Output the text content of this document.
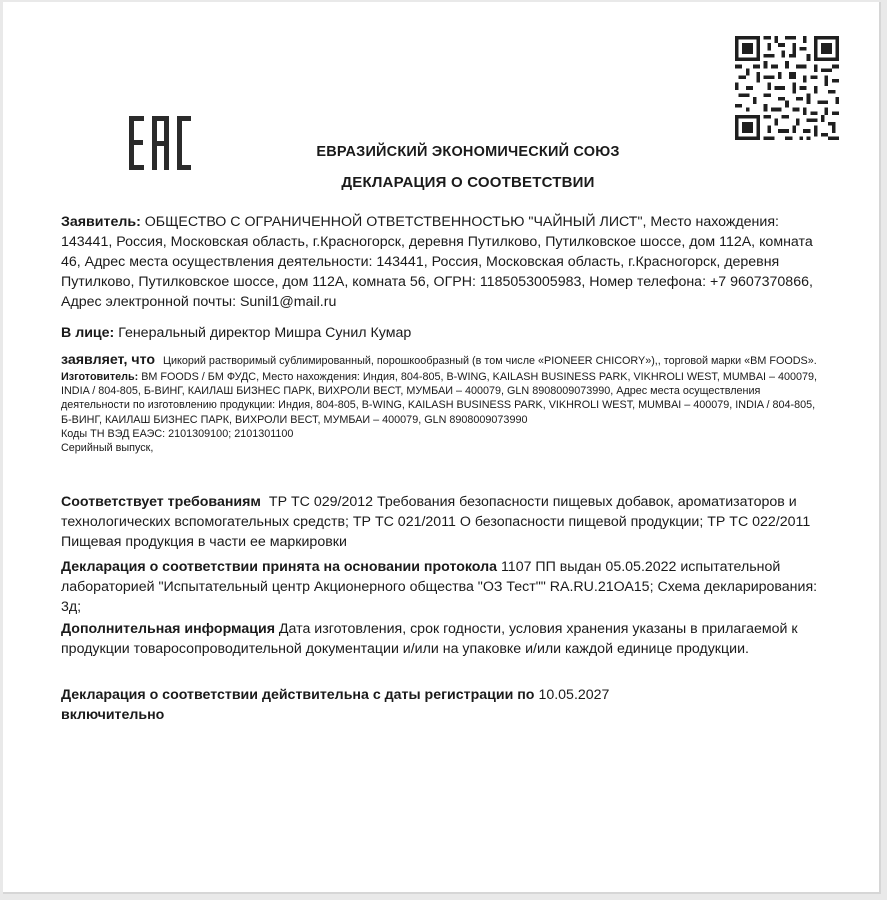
ЕВРАЗИЙСКИЙ ЭКОНОМИЧЕСКИЙ СОЮЗ
ДЕКЛАРАЦИЯ О СООТВЕТСТВИИ
Заявитель: ОБЩЕСТВО С ОГРАНИЧЕННОЙ ОТВЕТСТВЕННОСТЬЮ "ЧАЙНЫЙ ЛИСТ", Место нахождения: 143441, Россия, Московская область, г.Красногорск, деревня Путилково, Путилковское шоссе, дом 112А, комната 46, Адрес места осуществления деятельности: 143441, Россия, Московская область, г.Красногорск, деревня Путилково, Путилковское шоссе, дом 112А, комната 56, ОГРН: 1185053005983, Номер телефона: +7 9607370866, Адрес электронной почты: Sunil1@mail.ru
В лице: Генеральный директор Мишра Сунил Кумар
заявляет, что Цикорий растворимый сублимированный, порошкообразный (в том числе «PIONEER CHICORY»),, торговой марки «BM FOODS».
Изготовитель: BM FOODS / БМ ФУДС, Место нахождения: Индия, 804-805, B-WING, KAILASH BUSINESS PARK, VIKHROLI WEST, MUMBAI – 400079, INDIA / 804-805, Б-ВИНГ, КАИЛАШ БИЗНЕС ПАРК, ВИХРОЛИ ВЕСТ, МУМБАИ – 400079, GLN 8908009073990, Адрес места осуществления деятельности по изготовлению продукции: Индия, 804-805, B-WING, KAILASH BUSINESS PARK, VIKHROLI WEST, MUMBAI – 400079, INDIA / 804-805, Б-ВИНГ, КАИЛАШ БИЗНЕС ПАРК, ВИХРОЛИ ВЕСТ, МУМБАИ – 400079, GLN 8908009073990
Коды ТН ВЭД ЕАЭС: 2101309100; 2101301100
Серийный выпуск,
Соответствует требованиям ТР ТС 029/2012 Требования безопасности пищевых добавок, ароматизаторов и технологических вспомогательных средств; ТР ТС 021/2011 О безопасности пищевой продукции; ТР ТС 022/2011 Пищевая продукция в части ее маркировки
Декларация о соответствии принята на основании протокола 1107 ПП выдан 05.05.2022 испытательной лабораторией "Испытательный центр Акционерного общества "ОЗ Тест"" RA.RU.21ОА15; Схема декларирования: 3д;
Дополнительная информация Дата изготовления, срок годности, условия хранения указаны в прилагаемой к продукции товаросопроводительной документации и/или на упаковке и/или каждой единице продукции.
Декларация о соответствии действительна с даты регистрации по 10.05.2027
включительно
